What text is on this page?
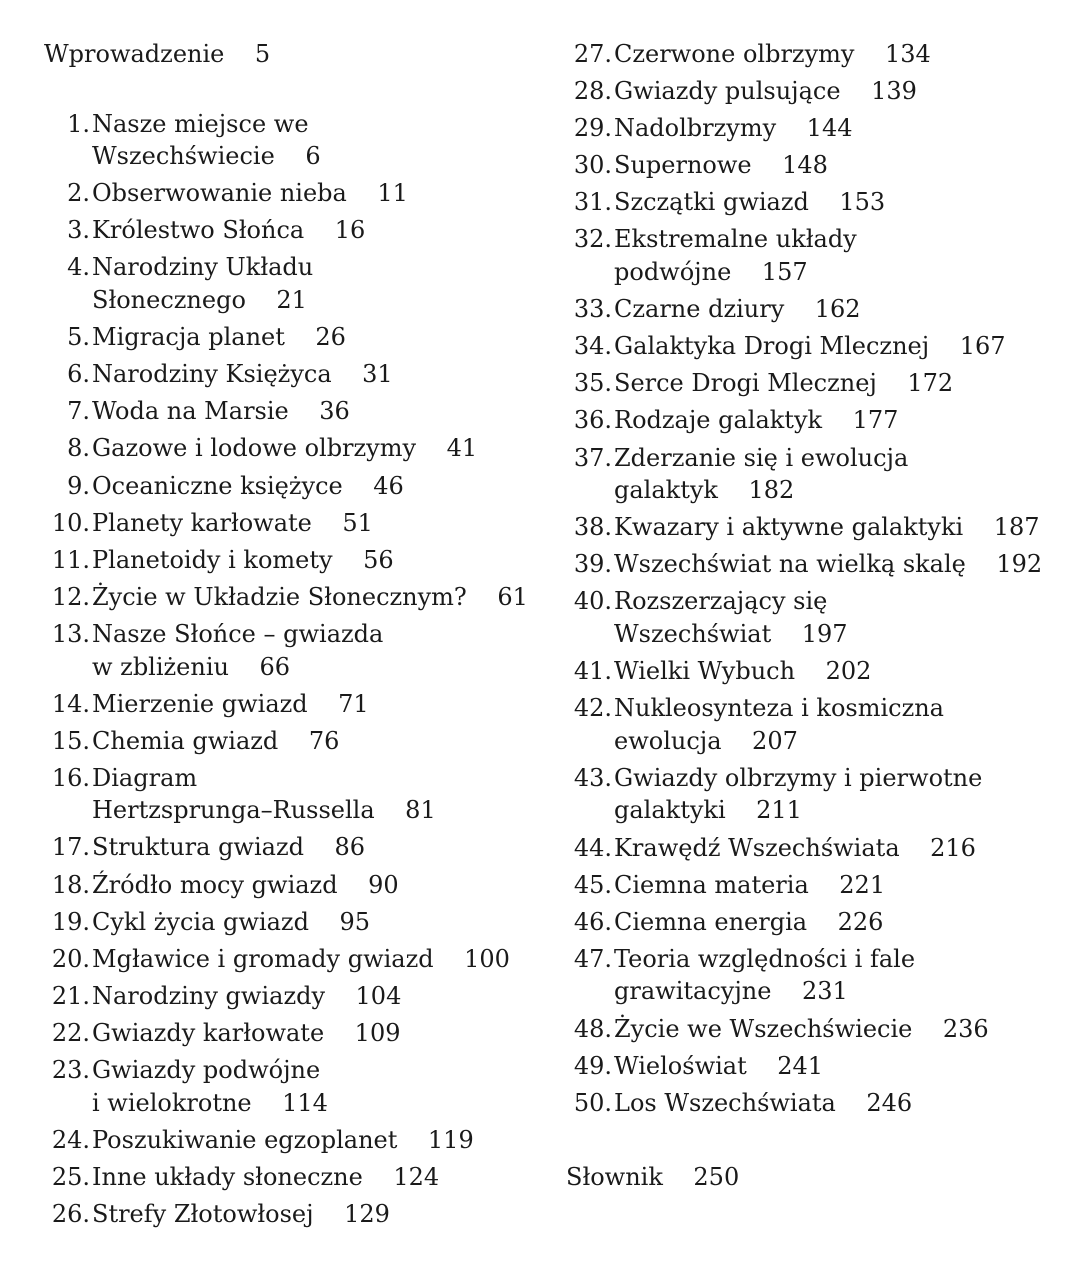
Wprowadzenie 5
1. Nasze miejsce we Wszechświecie 6
2. Obserwowanie nieba 11
3. Królestwo Słońca 16
4. Narodziny Układu
Słonecznego 21
5. Migracja planet 26
6. Narodziny Księżyca 31
7. Woda na Marsie 36
8. Gazowe i lodowe olbrzymy 41
9. Oceaniczne księżyce 46
10. Planety karłowate 51
11. Planetoidy i komety 56
12. Życie w Układzie Słonecznym? 61
13. Nasze Słońce – gwiazda
w zbliżeniu 66
14. Mierzenie gwiazd 71
15. Chemia gwiazd 76
16. Diagram
Hertzsprunga–Russella 81
17. Struktura gwiazd 86
18. Źródło mocy gwiazd 90
19. Cykl życia gwiazd 95
20. Mgławice i gromady gwiazd 100
21. Narodziny gwiazdy 104
22. Gwiazdy karłowate 109
23. Gwiazdy podwójne
i wielokrotne 114
24. Poszukiwanie egzoplanet 119
25. Inne układy słoneczne 124
26. Strefy Złotowłosej 129
27. Czerwone olbrzymy 134
28. Gwiazdy pulsujące 139
29. Nadolbrzymy 144
30. Supernowe 148
31. Szczątki gwiazd 153
32. Ekstremalne układy
podwójne 157
33. Czarne dziury 162
34. Galaktyka Drogi Mlecznej 167
35. Serce Drogi Mlecznej 172
36. Rodzaje galaktyk 177
37. Zderzanie się i ewolucja
galaktyk 182
38. Kwazary i aktywne galaktyki 187
39. Wszechświat na wielką skalę 192
40. Rozszerzający się
Wszechświat 197
41. Wielki Wybuch 202
42. Nukleosynteza i kosmiczna
ewolucja 207
43. Gwiazdy olbrzymy i pierwotne
galaktyki 211
44. Krawędź Wszechświata 216
45. Ciemna materia 221
46. Ciemna energia 226
47. Teoria względności i fale
grawitacyjne 231
48. Życie we Wszechświecie 236
49. Wieloświat 241
50. Los Wszechświata 246
Słownik 250
